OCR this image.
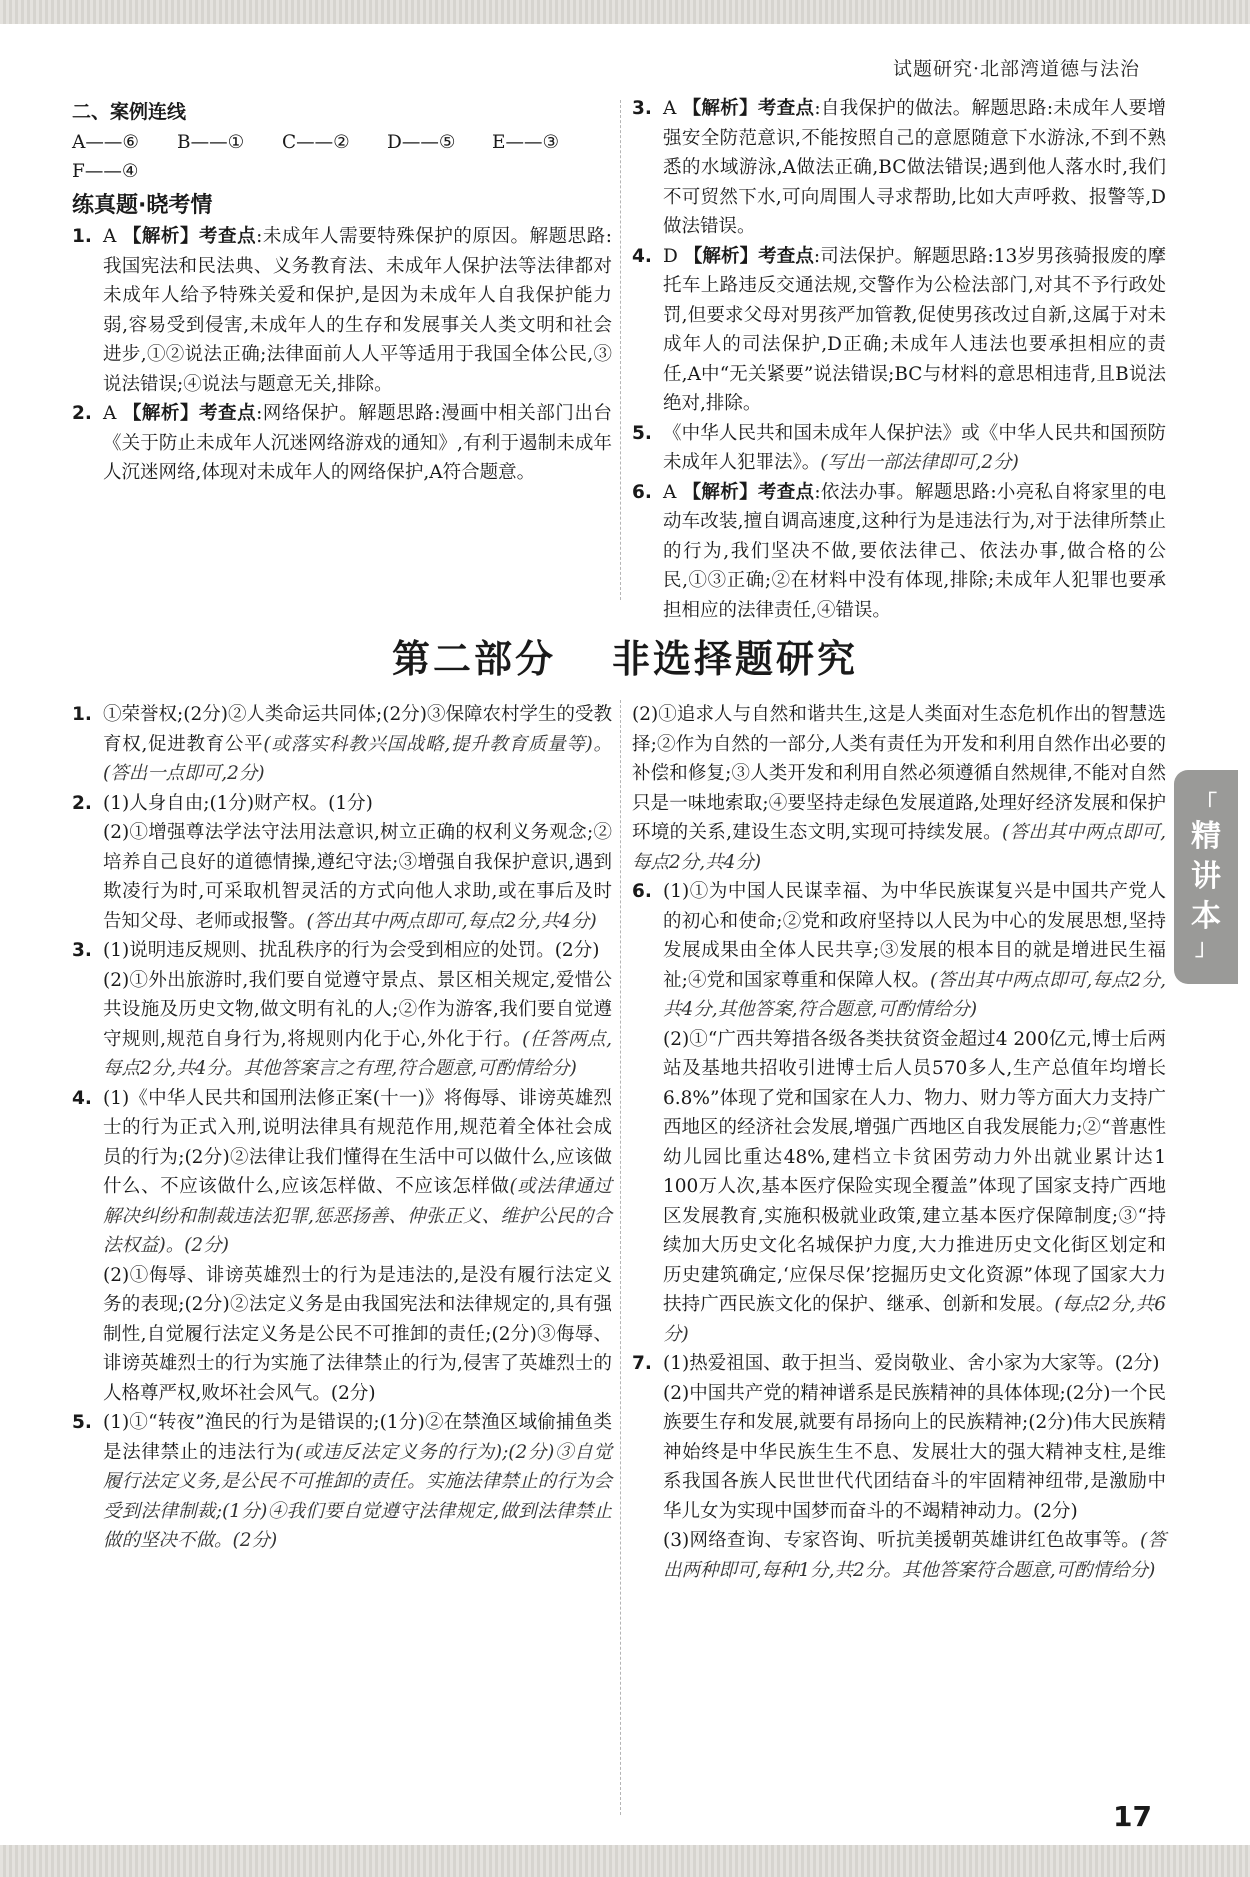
试题研究·北部湾道德与法治

二、案例连线

A——⑥ B——① C——② D——⑤ E——③

F——④

练真题·晓考情

1. A 【解析】考查点:未成年人需要特殊保护的原因。解题思路:我国宪法和民法典、义务教育法、未成年人保护法等法律都对未成年人给予特殊关爱和保护,是因为未成年人自我保护能力弱,容易受到侵害,未成年人的生存和发展事关人类文明和社会进步,①②说法正确;法律面前人人平等适用于我国全体公民,③说法错误;④说法与题意无关,排除。

2. A 【解析】考查点:网络保护。解题思路:漫画中相关部门出台《关于防止未成年人沉迷网络游戏的通知》,有利于遏制未成年人沉迷网络,体现对未成年人的网络保护,A符合题意。

3. A 【解析】考查点:自我保护的做法。解题思路:未成年人要增强安全防范意识,不能按照自己的意愿随意下水游泳,不到不熟悉的水域游泳,A做法正确,BC做法错误;遇到他人落水时,我们不可贸然下水,可向周围人寻求帮助,比如大声呼救、报警等,D做法错误。

4. D 【解析】考查点:司法保护。解题思路:13岁男孩骑报废的摩托车上路违反交通法规,交警作为公检法部门,对其不予行政处罚,但要求父母对男孩严加管教,促使男孩改过自新,这属于对未成年人的司法保护,D正确;未成年人违法也要承担相应的责任,A中“无关紧要”说法错误;BC与材料的意思相违背,且B说法绝对,排除。

5. 《中华人民共和国未成年人保护法》或《中华人民共和国预防未成年人犯罪法》。(写出一部法律即可,2分)

6. A 【解析】考查点:依法办事。解题思路:小亮私自将家里的电动车改装,擅自调高速度,这种行为是违法行为,对于法律所禁止的行为,我们坚决不做,要依法律己、依法办事,做合格的公民,①③正确;②在材料中没有体现,排除;未成年人犯罪也要承担相应的法律责任,④错误。

第二部分 非选择题研究
1. ①荣誉权;(2分)②人类命运共同体;(2分)③保障农村学生的受教育权,促进教育公平(或落实科教兴国战略,提升教育质量等)。(答出一点即可,2分)

2. (1)人身自由;(1分)财产权。(1分)

(2)①增强尊法学法守法用法意识,树立正确的权利义务观念;②培养自己良好的道德情操,遵纪守法;③增强自我保护意识,遇到欺凌行为时,可采取机智灵活的方式向他人求助,或在事后及时告知父母、老师或报警。(答出其中两点即可,每点2分,共4分)

3. (1)说明违反规则、扰乱秩序的行为会受到相应的处罚。(2分)

(2)①外出旅游时,我们要自觉遵守景点、景区相关规定,爱惜公共设施及历史文物,做文明有礼的人;②作为游客,我们要自觉遵守规则,规范自身行为,将规则内化于心,外化于行。(任答两点,每点2分,共4分。其他答案言之有理,符合题意,可酌情给分)

4. (1)《中华人民共和国刑法修正案(十一)》将侮辱、诽谤英雄烈士的行为正式入刑,说明法律具有规范作用,规范着全体社会成员的行为;(2分)②法律让我们懂得在生活中可以做什么,应该做什么、不应该做什么,应该怎样做、不应该怎样做(或法律通过解决纠纷和制裁违法犯罪,惩恶扬善、伸张正义、维护公民的合法权益)。(2分)

(2)①侮辱、诽谤英雄烈士的行为是违法的,是没有履行法定义务的表现;(2分)②法定义务是由我国宪法和法律规定的,具有强制性,自觉履行法定义务是公民不可推卸的责任;(2分)③侮辱、诽谤英雄烈士的行为实施了法律禁止的行为,侵害了英雄烈士的人格尊严权,败坏社会风气。(2分)

5. (1)①“转夜”渔民的行为是错误的;(1分)②在禁渔区域偷捕鱼类是法律禁止的违法行为(或违反法定义务的行为);(2分)③自觉履行法定义务,是公民不可推卸的责任。实施法律禁止的行为会受到法律制裁;(1分)④我们要自觉遵守法律规定,做到法律禁止做的坚决不做。(2分)

(2)①追求人与自然和谐共生,这是人类面对生态危机作出的智慧选择;②作为自然的一部分,人类有责任为开发和利用自然作出必要的补偿和修复;③人类开发和利用自然必须遵循自然规律,不能对自然只是一味地索取;④要坚持走绿色发展道路,处理好经济发展和保护环境的关系,建设生态文明,实现可持续发展。(答出其中两点即可,每点2分,共4分)

6. (1)①为中国人民谋幸福、为中华民族谋复兴是中国共产党人的初心和使命;②党和政府坚持以人民为中心的发展思想,坚持发展成果由全体人民共享;③发展的根本目的就是增进民生福祉;④党和国家尊重和保障人权。(答出其中两点即可,每点2分,共4分,其他答案,符合题意,可酌情给分)

(2)①“广西共筹措各级各类扶贫资金超过4 200亿元,博士后两站及基地共招收引进博士后人员570多人,生产总值年均增长6.8%”体现了党和国家在人力、物力、财力等方面大力支持广西地区的经济社会发展,增强广西地区自我发展能力;②“普惠性幼儿园比重达48%,建档立卡贫困劳动力外出就业累计达1 100万人次,基本医疗保险实现全覆盖”体现了国家支持广西地区发展教育,实施积极就业政策,建立基本医疗保障制度;③“持续加大历史文化名城保护力度,大力推进历史文化街区划定和历史建筑确定,‘应保尽保’挖掘历史文化资源”体现了国家大力扶持广西民族文化的保护、继承、创新和发展。(每点2分,共6分)

7. (1)热爱祖国、敢于担当、爱岗敬业、舍小家为大家等。(2分)

(2)中国共产党的精神谱系是民族精神的具体体现;(2分)一个民族要生存和发展,就要有昂扬向上的民族精神;(2分)伟大民族精神始终是中华民族生生不息、发展壮大的强大精神支柱,是维系我国各族人民世世代代团结奋斗的牢固精神纽带,是激励中华儿女为实现中国梦而奋斗的不竭精神动力。(2分)

(3)网络查询、专家咨询、听抗美援朝英雄讲红色故事等。(答出两种即可,每种1分,共2分。其他答案符合题意,可酌情给分)

「
精
讲
本
」
17
